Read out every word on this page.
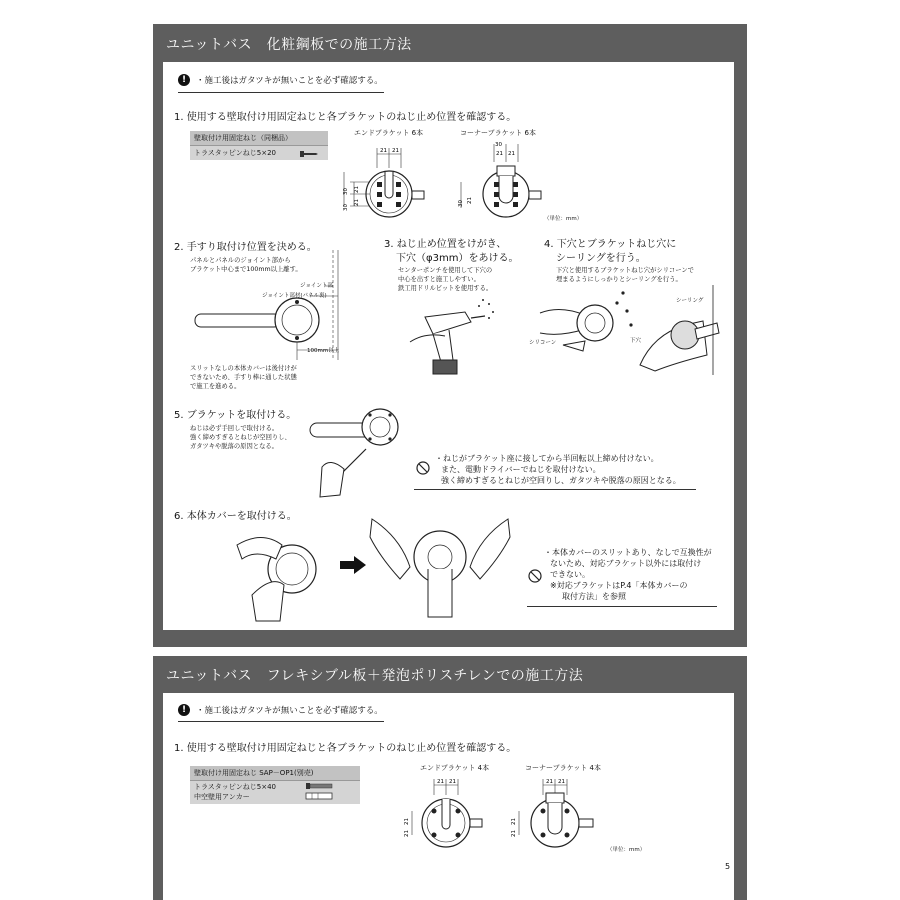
ユニットバス　化粧鋼板での施工方法
!	・施工後はガタツキが無いことを必ず確認する。
1. 使用する壁取付け用固定ねじと各ブラケットのねじ止め位置を確認する。
壁取付け用固定ねじ（同梱品）
トラスタッピンねじ5×20
エンドブラケット 6本	コーナーブラケット 6本
21 21
30 21
30
21
30
21 21
30 21
（単位：mm）
2. 手すり取付け位置を決める。
パネルとパネルのジョイント部から
ブラケット中心まで100mm以上離す。
ジョイント部
ジョイント部材(パネル裏)
100mm以上
スリットなしの本体カバーは後付けが
できないため、手すり棒に通した状態
で施工を進める。
3. ねじ止め位置をけがき、
下穴（φ3mm）をあける。
センターポンチを使用して下穴の
中心を出すと施工しやすい。
鉄工用ドリルビットを使用する。
4. 下穴とブラケットねじ穴に
シーリングを行う。
下穴と使用するブラケットねじ穴がシリコーンで
埋まるようにしっかりとシーリングを行う。
シーリング
シリコーン	下穴
5. ブラケットを取付ける。
ねじは必ず手回しで取付ける。
強く締めすぎるとねじが空回りし、
ガタツキや脱落の原因となる。
・ねじがブラケット座に接してから半回転以上締め付けない。
また、電動ドライバーでねじを取付けない。
強く締めすぎるとねじが空回りし、ガタツキや脱落の原因となる。
6. 本体カバーを取付ける。
・本体カバーのスリットあり、なしで互換性が
ないため、対応ブラケット以外には取付け
できない。
※対応ブラケットはP.4「本体カバーの
取付方法」を参照
ユニットバス　フレキシブル板＋発泡ポリスチレンでの施工方法
!	・施工後はガタツキが無いことを必ず確認する。
1. 使用する壁取付け用固定ねじと各ブラケットのねじ止め位置を確認する。
壁取付け用固定ねじ SAP－OP1(別売)
トラスタッピンねじ5×40
中空壁用アンカー
エンドブラケット 4本	コーナーブラケット 4本
21 21
21
21
21 21
21
21
（単位：mm）
5
